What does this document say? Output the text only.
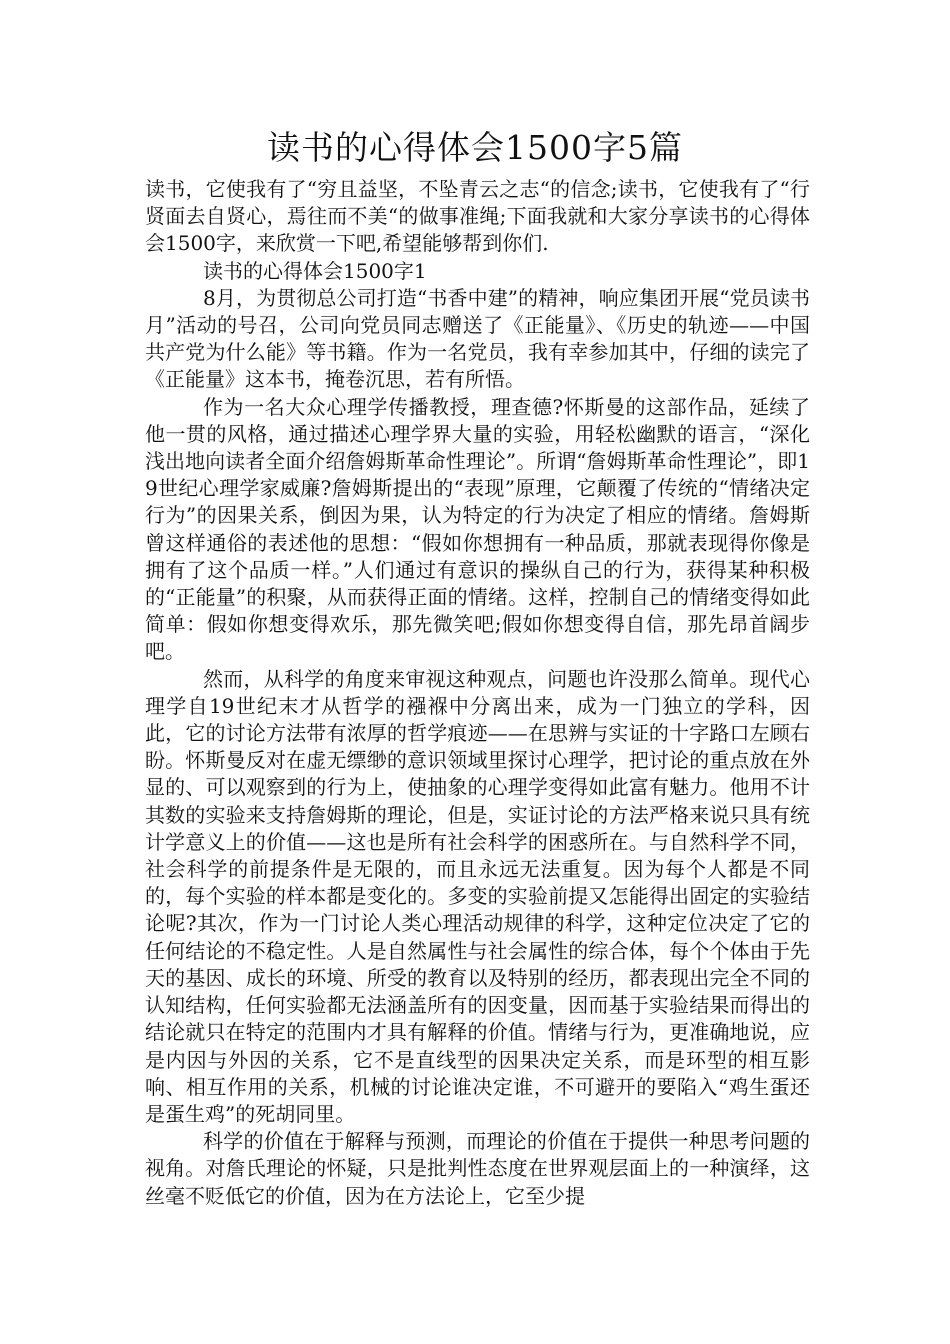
读书的心得体会1500字5篇

读书，它使我有了“穷且益坚，不坠青云之志“的信念;读书，它使我有了“行贤面去自贤心，焉往而不美“的做事准绳;下面我就和大家分享读书的心得体会1500字，来欣赏一下吧,希望能够帮到你们.

读书的心得体会1500字1

8月，为贯彻总公司打造“书香中建”的精神，响应集团开展“党员读书月”活动的号召，公司向党员同志赠送了《正能量》、《历史的轨迹——中国共产党为什么能》等书籍。作为一名党员，我有幸参加其中，仔细的读完了《正能量》这本书，掩卷沉思，若有所悟。

作为一名大众心理学传播教授，理查德?怀斯曼的这部作品，延续了他一贯的风格，通过描述心理学界大量的实验，用轻松幽默的语言，“深化浅出地向读者全面介绍詹姆斯革命性理论”。所谓“詹姆斯革命性理论”，即19世纪心理学家威廉?詹姆斯提出的“表现”原理，它颠覆了传统的“情绪决定行为”的因果关系，倒因为果，认为特定的行为决定了相应的情绪。詹姆斯曾这样通俗的表述他的思想：“假如你想拥有一种品质，那就表现得你像是拥有了这个品质一样。”人们通过有意识的操纵自己的行为，获得某种积极的“正能量”的积聚，从而获得正面的情绪。这样，控制自己的情绪变得如此简单：假如你想变得欢乐，那先微笑吧;假如你想变得自信，那先昂首阔步吧。

然而，从科学的角度来审视这种观点，问题也许没那么简单。现代心理学自19世纪末才从哲学的襁褓中分离出来，成为一门独立的学科，因此，它的讨论方法带有浓厚的哲学痕迹——在思辨与实证的十字路口左顾右盼。怀斯曼反对在虚无缥缈的意识领域里探讨心理学，把讨论的重点放在外显的、可以观察到的行为上，使抽象的心理学变得如此富有魅力。他用不计其数的实验来支持詹姆斯的理论，但是，实证讨论的方法严格来说只具有统计学意义上的价值——这也是所有社会科学的困惑所在。与自然科学不同，社会科学的前提条件是无限的，而且永远无法重复。因为每个人都是不同的，每个实验的样本都是变化的。多变的实验前提又怎能得出固定的实验结论呢?其次，作为一门讨论人类心理活动规律的科学，这种定位决定了它的任何结论的不稳定性。人是自然属性与社会属性的综合体，每个个体由于先天的基因、成长的环境、所受的教育以及特别的经历，都表现出完全不同的认知结构，任何实验都无法涵盖所有的因变量，因而基于实验结果而得出的结论就只在特定的范围内才具有解释的价值。情绪与行为，更准确地说，应是内因与外因的关系，它不是直线型的因果决定关系，而是环型的相互影响、相互作用的关系，机械的讨论谁决定谁，不可避开的要陷入“鸡生蛋还是蛋生鸡”的死胡同里。

科学的价值在于解释与预测，而理论的价值在于提供一种思考问题的视角。对詹氏理论的怀疑，只是批判性态度在世界观层面上的一种演绎，这丝毫不贬低它的价值，因为在方法论上，它至少提
